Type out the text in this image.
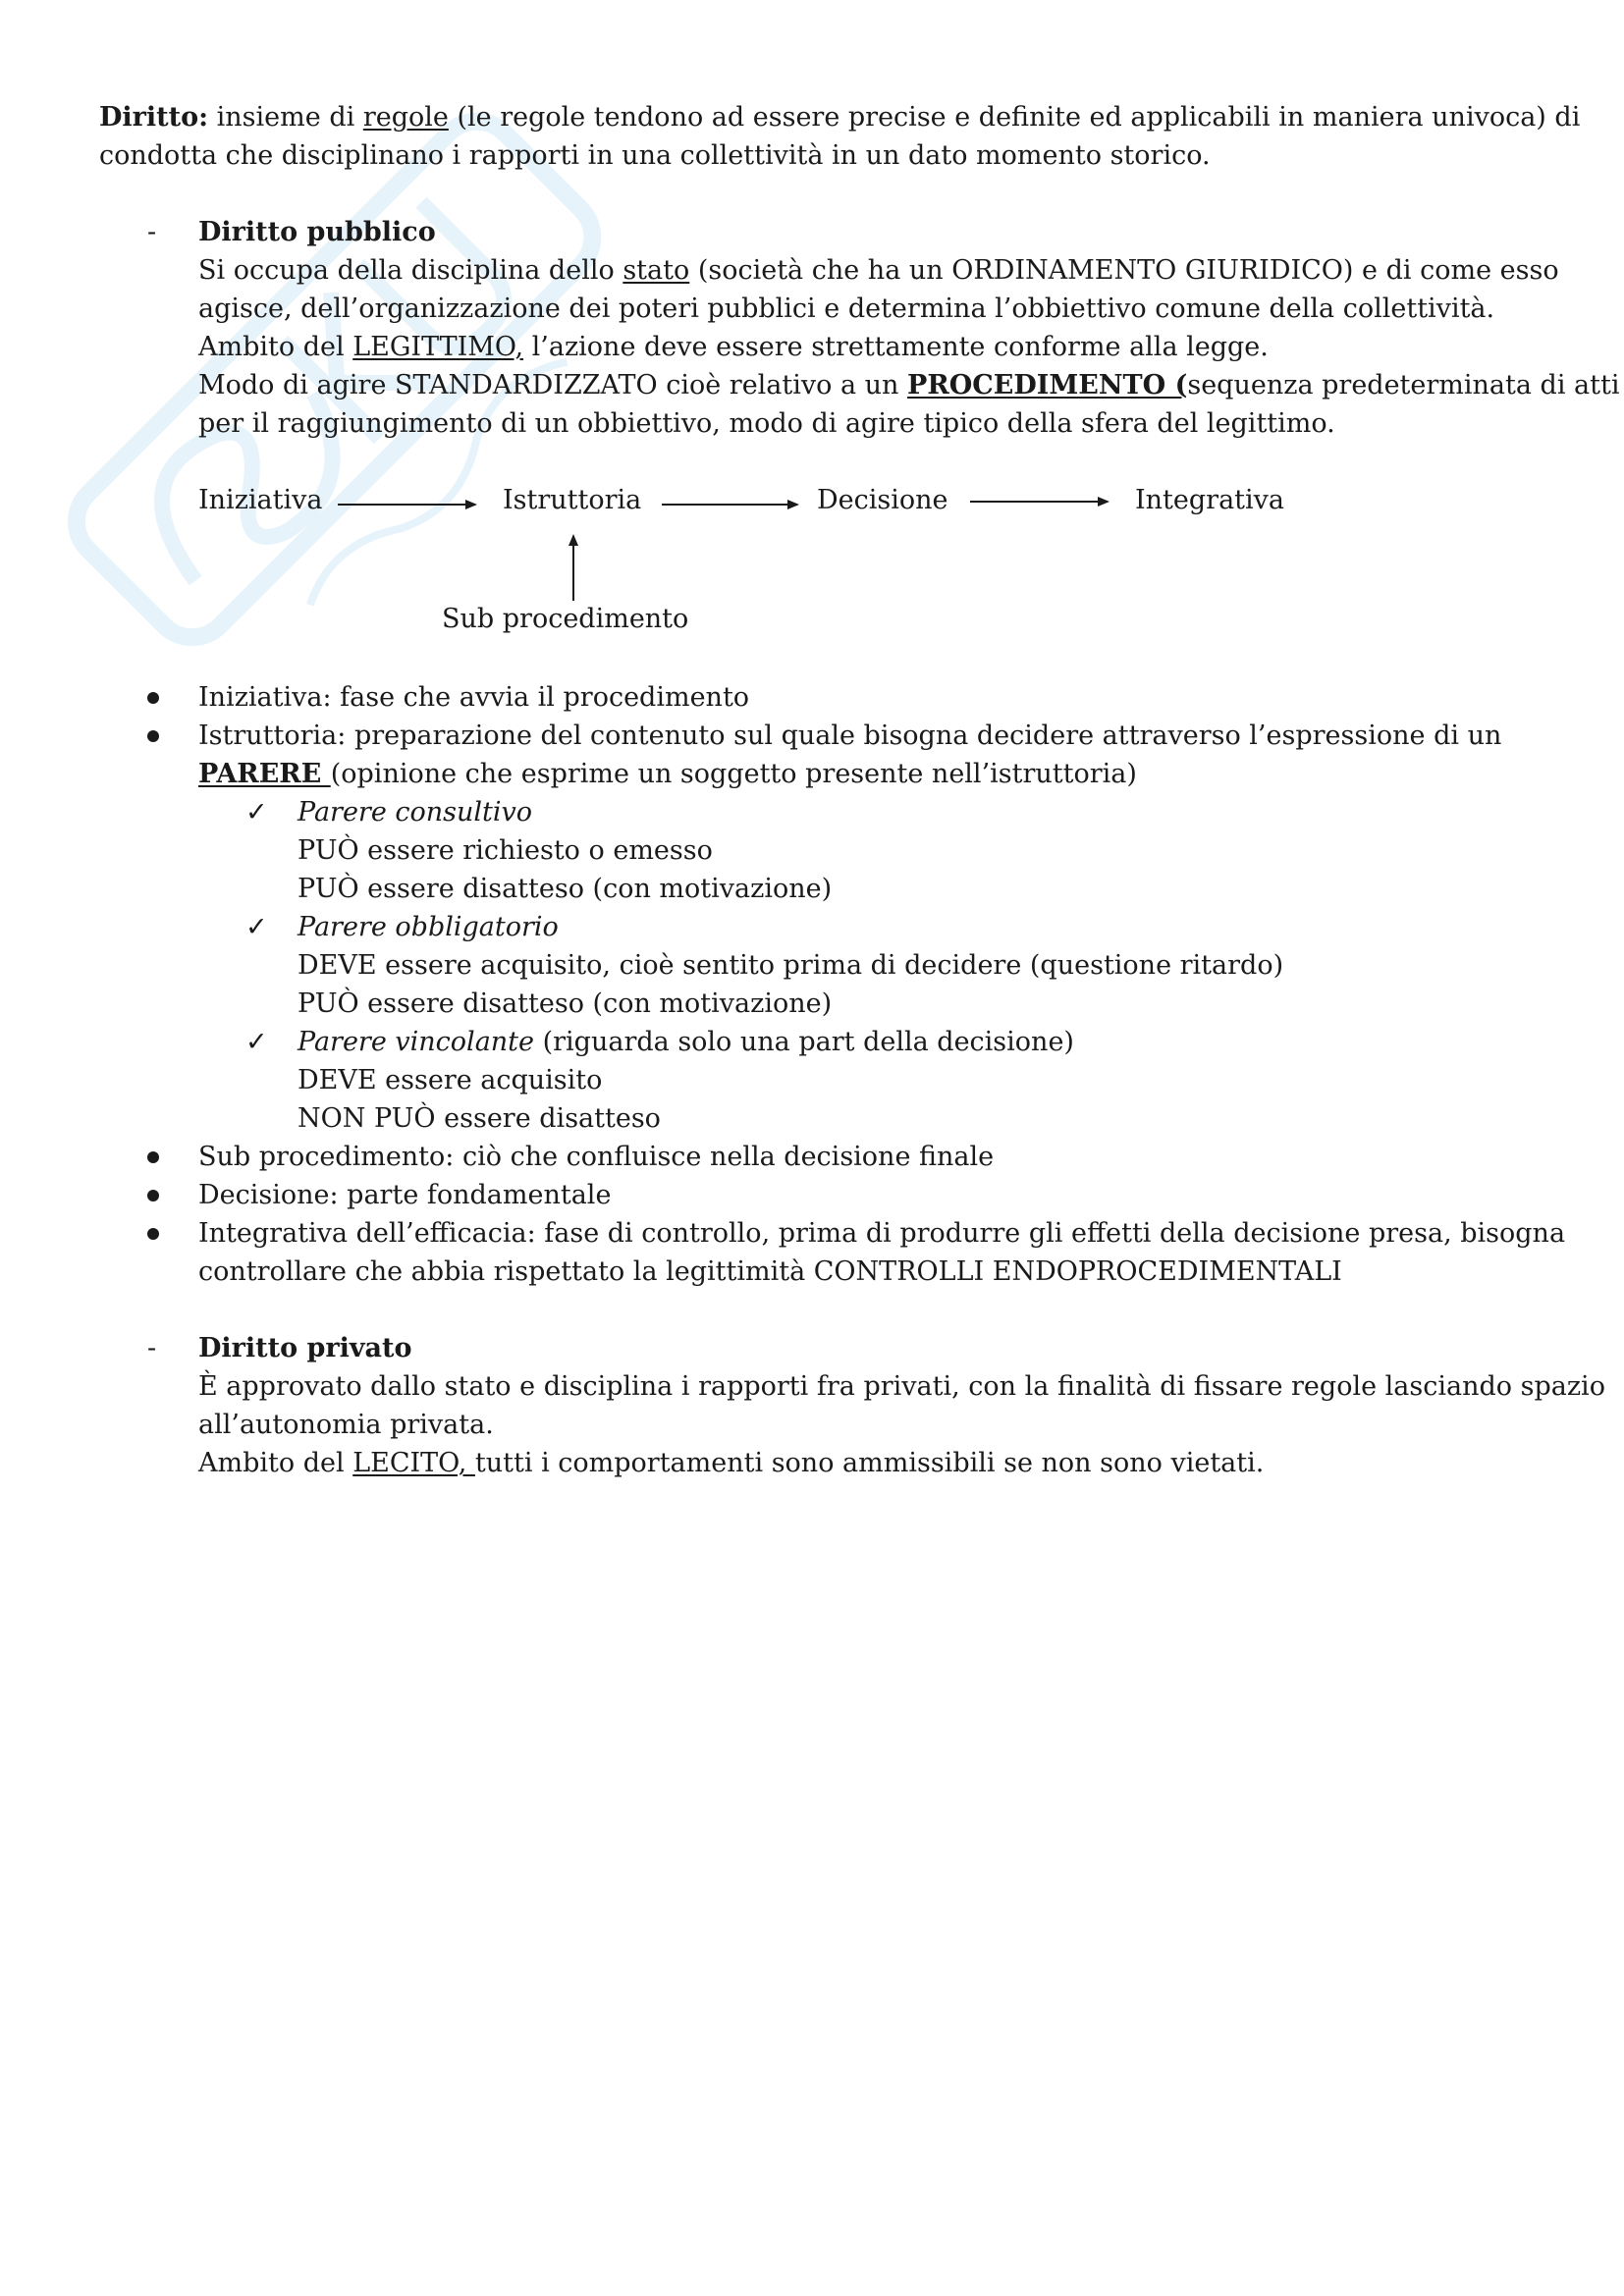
Diritto: insieme di regole (le regole tendono ad essere precise e definite ed applicabili in maniera univoca) di
condotta che disciplinano i rapporti in una collettività in un dato momento storico.
- Diritto pubblico
Si occupa della disciplina dello stato (società che ha un ORDINAMENTO GIURIDICO) e di come esso
agisce, dell’organizzazione dei poteri pubblici e determina l’obbiettivo comune della collettività.
Ambito del LEGITTIMO, l’azione deve essere strettamente conforme alla legge.
Modo di agire STANDARDIZZATO cioè relativo a un PROCEDIMENTO (sequenza predeterminata di atti
per il raggiungimento di un obbiettivo, modo di agire tipico della sfera del legittimo.
Iniziativa	Istruttoria	Decisione	Integrativa
Sub procedimento
Iniziativa: fase che avvia il procedimento
Istruttoria: preparazione del contenuto sul quale bisogna decidere attraverso l’espressione di un
PARERE (opinione che esprime un soggetto presente nell’istruttoria)
✓ Parere consultivo
PUÒ essere richiesto o emesso
PUÒ essere disatteso (con motivazione)
✓ Parere obbligatorio
DEVE essere acquisito, cioè sentito prima di decidere (questione ritardo)
PUÒ essere disatteso (con motivazione)
✓ Parere vincolante (riguarda solo una part della decisione)
DEVE essere acquisito
NON PUÒ essere disatteso
Sub procedimento: ciò che confluisce nella decisione finale
Decisione: parte fondamentale
Integrativa dell’efficacia: fase di controllo, prima di produrre gli effetti della decisione presa, bisogna
controllare che abbia rispettato la legittimità CONTROLLI ENDOPROCEDIMENTALI
- Diritto privato
È approvato dallo stato e disciplina i rapporti fra privati, con la finalità di fissare regole lasciando spazio
all’autonomia privata.
Ambito del LECITO, tutti i comportamenti sono ammissibili se non sono vietati.
